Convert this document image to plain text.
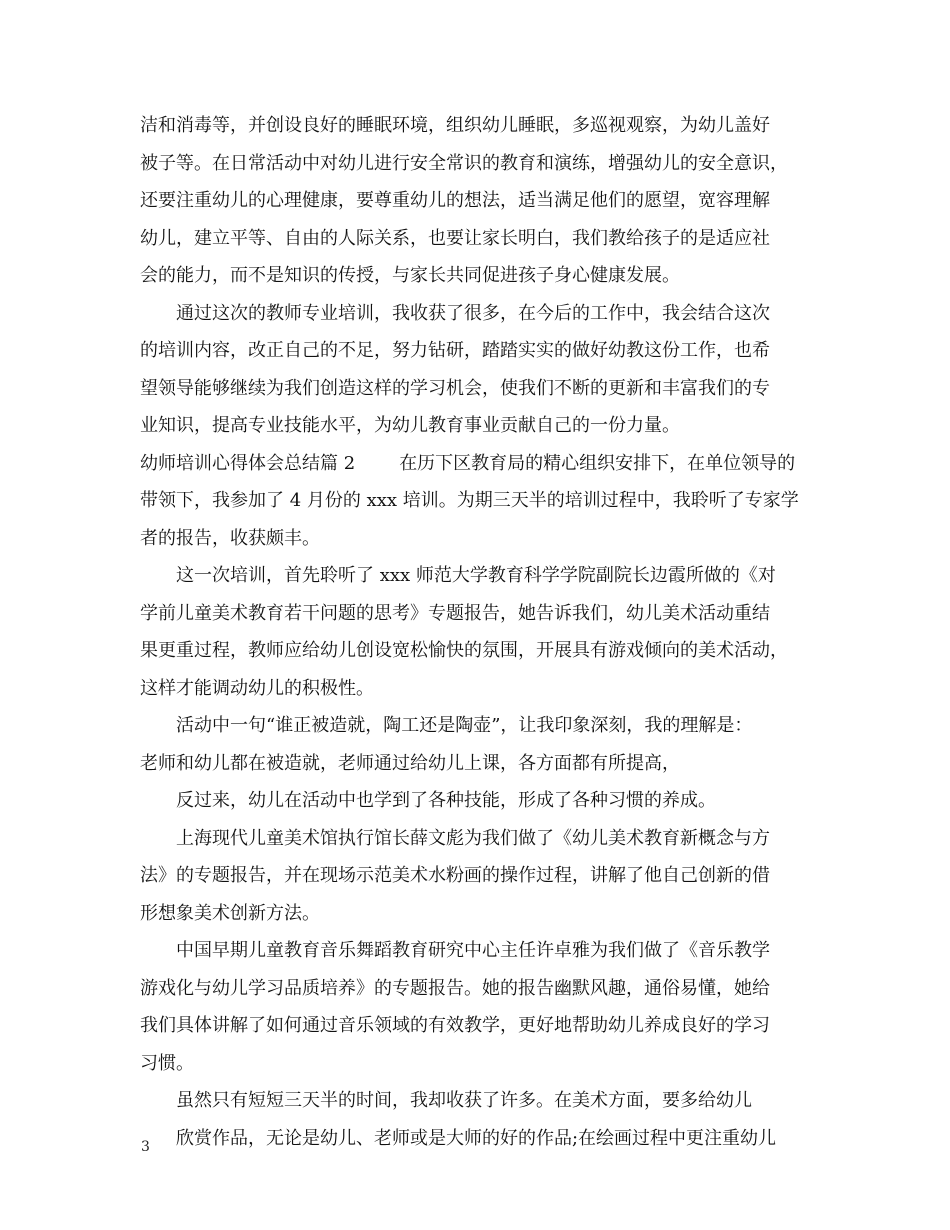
洁和消毒等，并创设良好的睡眠环境，组织幼儿睡眠，多巡视观察，为幼儿盖好
被子等。在日常活动中对幼儿进行安全常识的教育和演练，增强幼儿的安全意识，
还要注重幼儿的心理健康，要尊重幼儿的想法，适当满足他们的愿望，宽容理解
幼儿，建立平等、自由的人际关系，也要让家长明白，我们教给孩子的是适应社
会的能力，而不是知识的传授，与家长共同促进孩子身心健康发展。
通过这次的教师专业培训，我收获了很多，在今后的工作中，我会结合这次
的培训内容，改正自己的不足，努力钻研，踏踏实实的做好幼教这份工作，也希
望领导能够继续为我们创造这样的学习机会，使我们不断的更新和丰富我们的专
业知识，提高专业技能水平，为幼儿教育事业贡献自己的一份力量。
幼师培训心得体会总结篇 2 在历下区教育局的精心组织安排下，在单位领导的
带领下，我参加了 4 月份的 xxx 培训。为期三天半的培训过程中，我聆听了专家学
者的报告，收获颇丰。
这一次培训，首先聆听了 xxx 师范大学教育科学学院副院长边霞所做的《对
学前儿童美术教育若干问题的思考》专题报告，她告诉我们，幼儿美术活动重结
果更重过程，教师应给幼儿创设宽松愉快的氛围，开展具有游戏倾向的美术活动，
这样才能调动幼儿的积极性。
活动中一句“谁正被造就，陶工还是陶壶”，让我印象深刻，我的理解是：
老师和幼儿都在被造就，老师通过给幼儿上课，各方面都有所提高，
反过来，幼儿在活动中也学到了各种技能，形成了各种习惯的养成。
上海现代儿童美术馆执行馆长薛文彪为我们做了《幼儿美术教育新概念与方
法》的专题报告，并在现场示范美术水粉画的操作过程，讲解了他自己创新的借
形想象美术创新方法。
中国早期儿童教育音乐舞蹈教育研究中心主任许卓雅为我们做了《音乐教学
游戏化与幼儿学习品质培养》的专题报告。她的报告幽默风趣，通俗易懂，她给
我们具体讲解了如何通过音乐领域的有效教学，更好地帮助幼儿养成良好的学习
习惯。
虽然只有短短三天半的时间，我却收获了许多。在美术方面，要多给幼儿
欣赏作品，无论是幼儿、老师或是大师的好的作品;在绘画过程中更注重幼儿
3
